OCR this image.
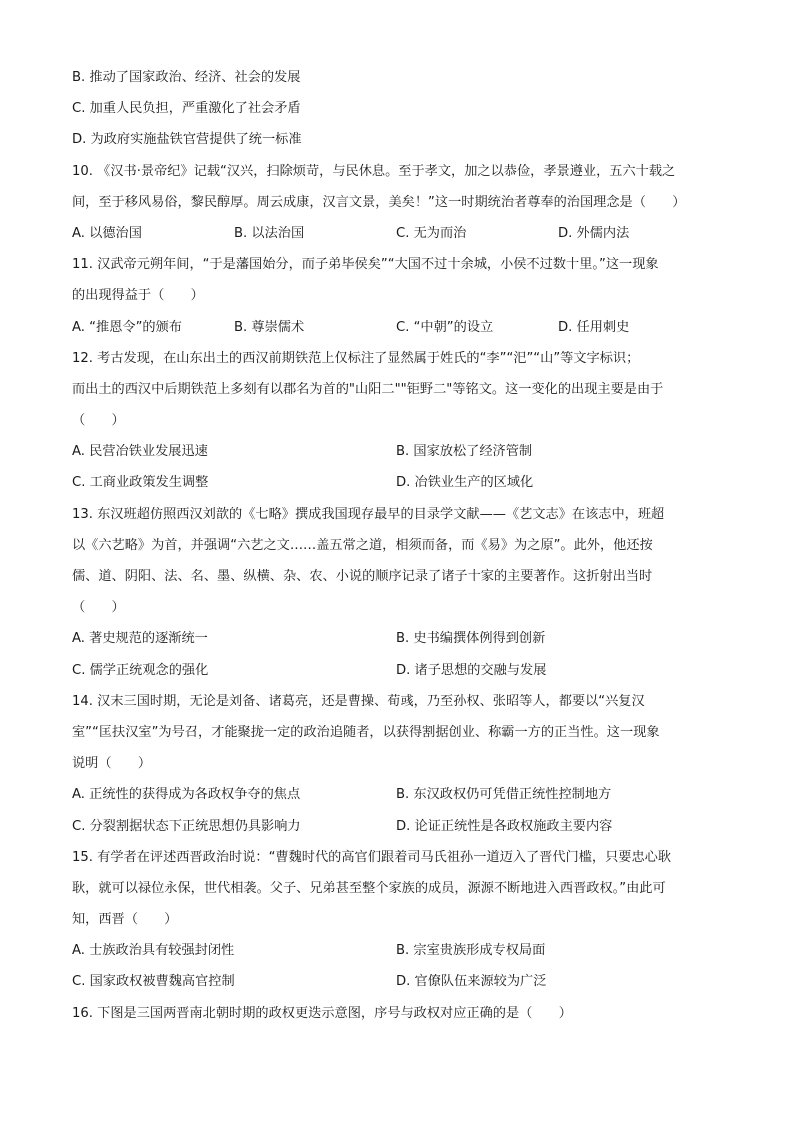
B. 推动了国家政治、经济、社会的发展
C. 加重人民负担，严重激化了社会矛盾
D. 为政府实施盐铁官营提供了统一标准
10. 《汉书·景帝纪》记载“汉兴，扫除烦苛，与民休息。至于孝文，加之以恭俭，孝景遵业，五六十载之
间，至于移风易俗，黎民醇厚。周云成康，汉言文景，美矣！”这一时期统治者尊奉的治国理念是（　　）
A. 以德治国	B. 以法治国	C. 无为而治	D. 外儒内法
11. 汉武帝元朔年间，“于是藩国始分，而子弟毕侯矣”“大国不过十余城，小侯不过数十里。”这一现象
的出现得益于（　　）
A. “推恩令”的颁布	B. 尊崇儒术	C. “中朝”的设立	D. 任用刺史
12. 考古发现，在山东出土的西汉前期铁范上仅标注了显然属于姓氏的“李”“汜”“山”等文字标识；
而出土的西汉中后期铁范上多刻有以郡名为首的"山阳二""钜野二"等铭文。这一变化的出现主要是由于
（　　）
A. 民营冶铁业发展迅速	B. 国家放松了经济管制
C. 工商业政策发生调整	D. 冶铁业生产的区域化
13. 东汉班超仿照西汉刘歆的《七略》撰成我国现存最早的目录学文献——《艺文志》在该志中，班超
以《六艺略》为首，并强调“六艺之文……盖五常之道，相须而备，而《易》为之原”。此外，他还按
儒、道、阴阳、法、名、墨、纵横、杂、农、小说的顺序记录了诸子十家的主要著作。这折射出当时
（　　）
A. 著史规范的逐渐统一	B. 史书编撰体例得到创新
C. 儒学正统观念的强化	D. 诸子思想的交融与发展
14. 汉末三国时期，无论是刘备、诸葛亮，还是曹操、荀彧，乃至孙权、张昭等人，都要以“兴复汉
室”“匡扶汉室”为号召，才能聚拢一定的政治追随者，以获得割据创业、称霸一方的正当性。这一现象
说明（　　）
A. 正统性的获得成为各政权争夺的焦点	B. 东汉政权仍可凭借正统性控制地方
C. 分裂割据状态下正统思想仍具影响力	D. 论证正统性是各政权施政主要内容
15. 有学者在评述西晋政治时说：“曹魏时代的高官们跟着司马氏祖孙一道迈入了晋代门槛，只要忠心耿
耿，就可以禄位永保，世代相袭。父子、兄弟甚至整个家族的成员，源源不断地进入西晋政权。”由此可
知，西晋（　　）
A. 士族政治具有较强封闭性	B. 宗室贵族形成专权局面
C. 国家政权被曹魏高官控制	D. 官僚队伍来源较为广泛
16. 下图是三国两晋南北朝时期的政权更迭示意图，序号与政权对应正确的是（　　）
